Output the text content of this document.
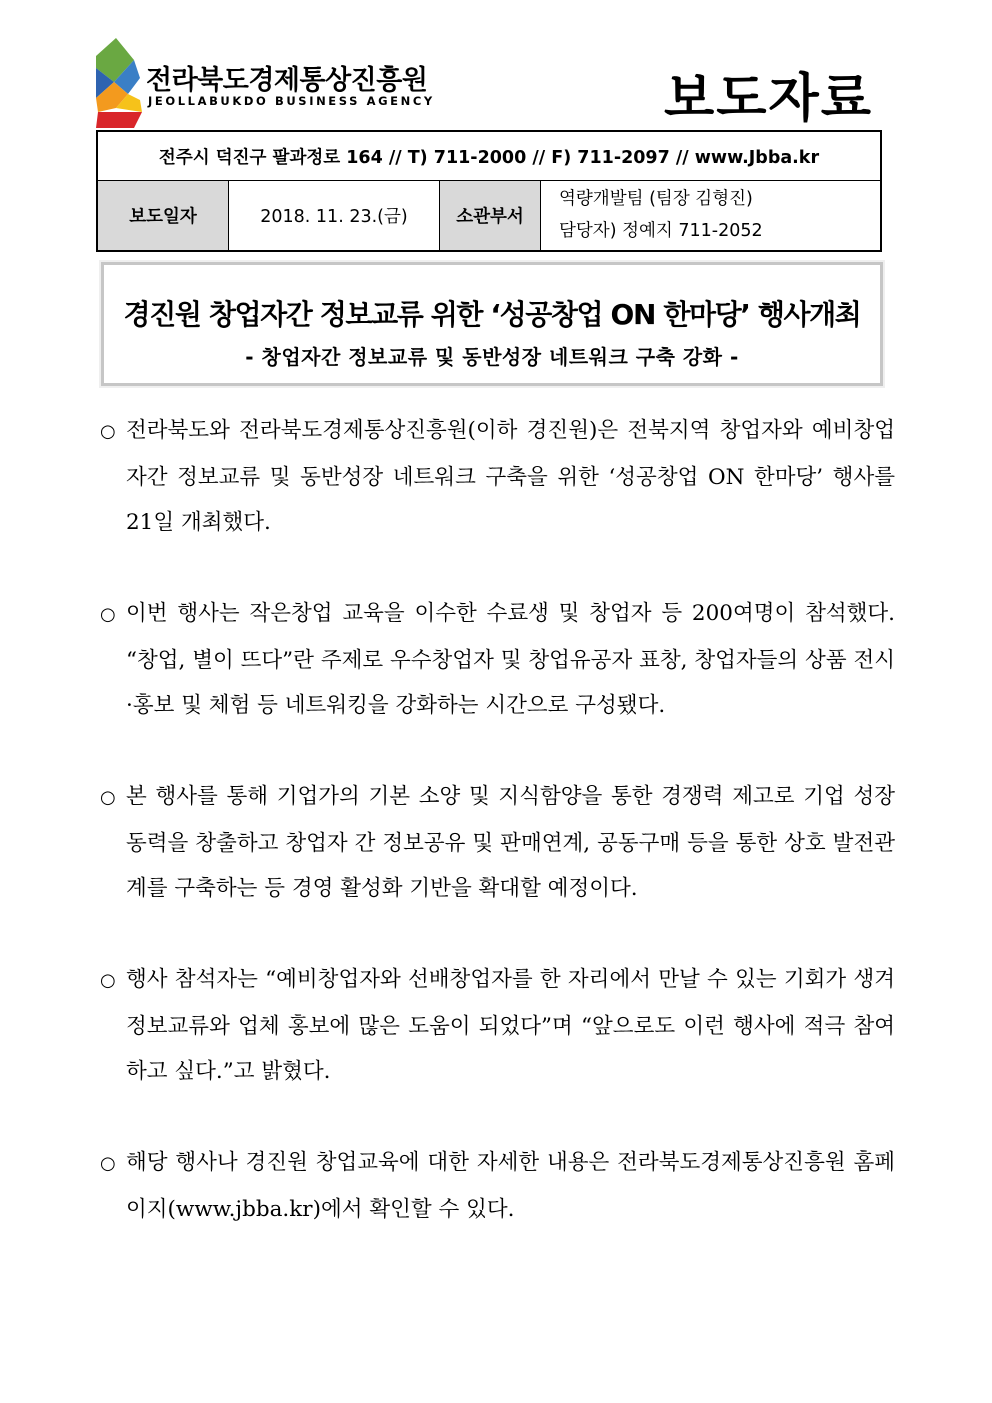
전라북도경제통상진흥원
JEOLLABUKDO BUSINESS AGENCY	보도자료
전주시 덕진구 팔과정로 164 // T) 711-2000 // F) 711-2097 // www.Jbba.kr
보도일자	2018. 11. 23.(금)	소관부서	
역량개발팀 (팀장 김형진)
담당자) 정예지 711-2052
경진원 창업자간 정보교류 위한 ‘성공창업 ON 한마당’ 행사개최
- 창업자간 정보교류 및 동반성장 네트워크 구축 강화 -

○ 전라북도와 전라북도경제통상진흥원(이하 경진원)은 전북지역 창업자와 예비창업자간 정보교류 및 동반성장 네트워크 구축을 위한 ‘성공창업 ON 한마당’ 행사를 21일 개최했다.

○ 이번 행사는 작은창업 교육을 이수한 수료생 및 창업자 등 200여명이 참석했다. “창업, 별이 뜨다”란 주제로 우수창업자 및 창업유공자 표창, 창업자들의 상품 전시·홍보 및 체험 등 네트워킹을 강화하는 시간으로 구성됐다.

○ 본 행사를 통해 기업가의 기본 소양 및 지식함양을 통한 경쟁력 제고로 기업 성장 동력을 창출하고 창업자 간 정보공유 및 판매연계, 공동구매 등을 통한 상호 발전관계를 구축하는 등 경영 활성화 기반을 확대할 예정이다.

○ 행사 참석자는 “예비창업자와 선배창업자를 한 자리에서 만날 수 있는 기회가 생겨 정보교류와 업체 홍보에 많은 도움이 되었다”며 “앞으로도 이런 행사에 적극 참여하고 싶다.”고 밝혔다.

○ 해당 행사나 경진원 창업교육에 대한 자세한 내용은 전라북도경제통상진흥원 홈페이지(www.jbba.kr)에서 확인할 수 있다.
